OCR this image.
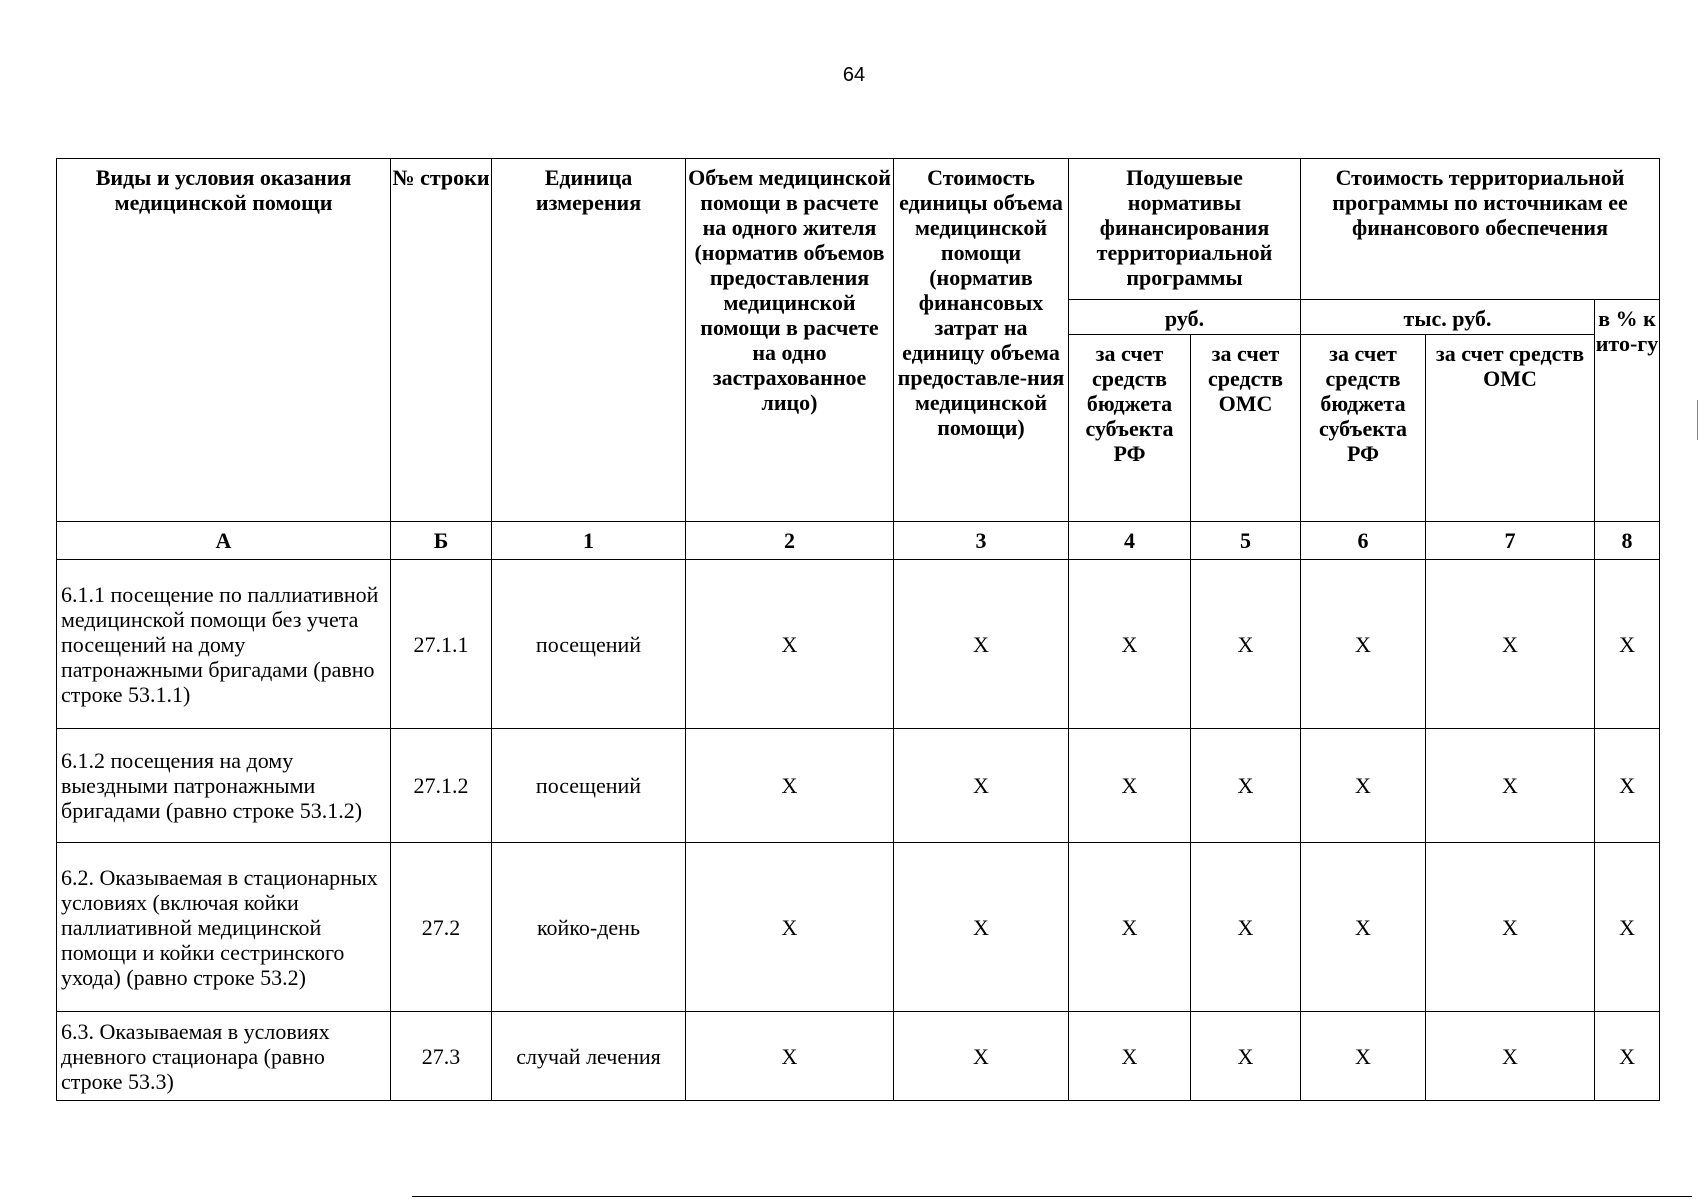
64
Виды и условия оказания медицинской помощи	№ строки	Единица измерения	Объем медицинской помощи в расчете на одного жителя (норматив объемов предоставления медицинской помощи в расчете на одно застрахованное лицо)	Стоимость единицы объема медицинской помощи (норматив финансовых затрат на единицу объема предоставле-ния медицинской помощи)	Подушевые нормативы финансирования территориальной программы		Стоимость территориальной программы по источникам ее финансового обеспечения		
					руб.		тыс. руб.		в % к ито-гу
					за счет средств бюджета субъекта РФ	за счет средств ОМС	за счет средств бюджета субъекта РФ	за счет средств ОМС	
А	Б	1	2	3	4	5	6	7	8
6.1.1 посещение по паллиативной медицинской помощи без учета посещений на дому патронажными бригадами (равно строке 53.1.1)	27.1.1	посещений	X	X	X	X	X	X	X
6.1.2 посещения на дому выездными патронажными бригадами (равно строке 53.1.2)	27.1.2	посещений	X	X	X	X	X	X	X
6.2. Оказываемая в стационарных условиях (включая койки паллиативной медицинской помощи и койки сестринского ухода) (равно строке 53.2)	27.2	койко-день	X	X	X	X	X	X	X
6.3. Оказываемая в условиях дневного стационара (равно строке 53.3)	27.3	случай лечения	X	X	X	X	X	X	X
